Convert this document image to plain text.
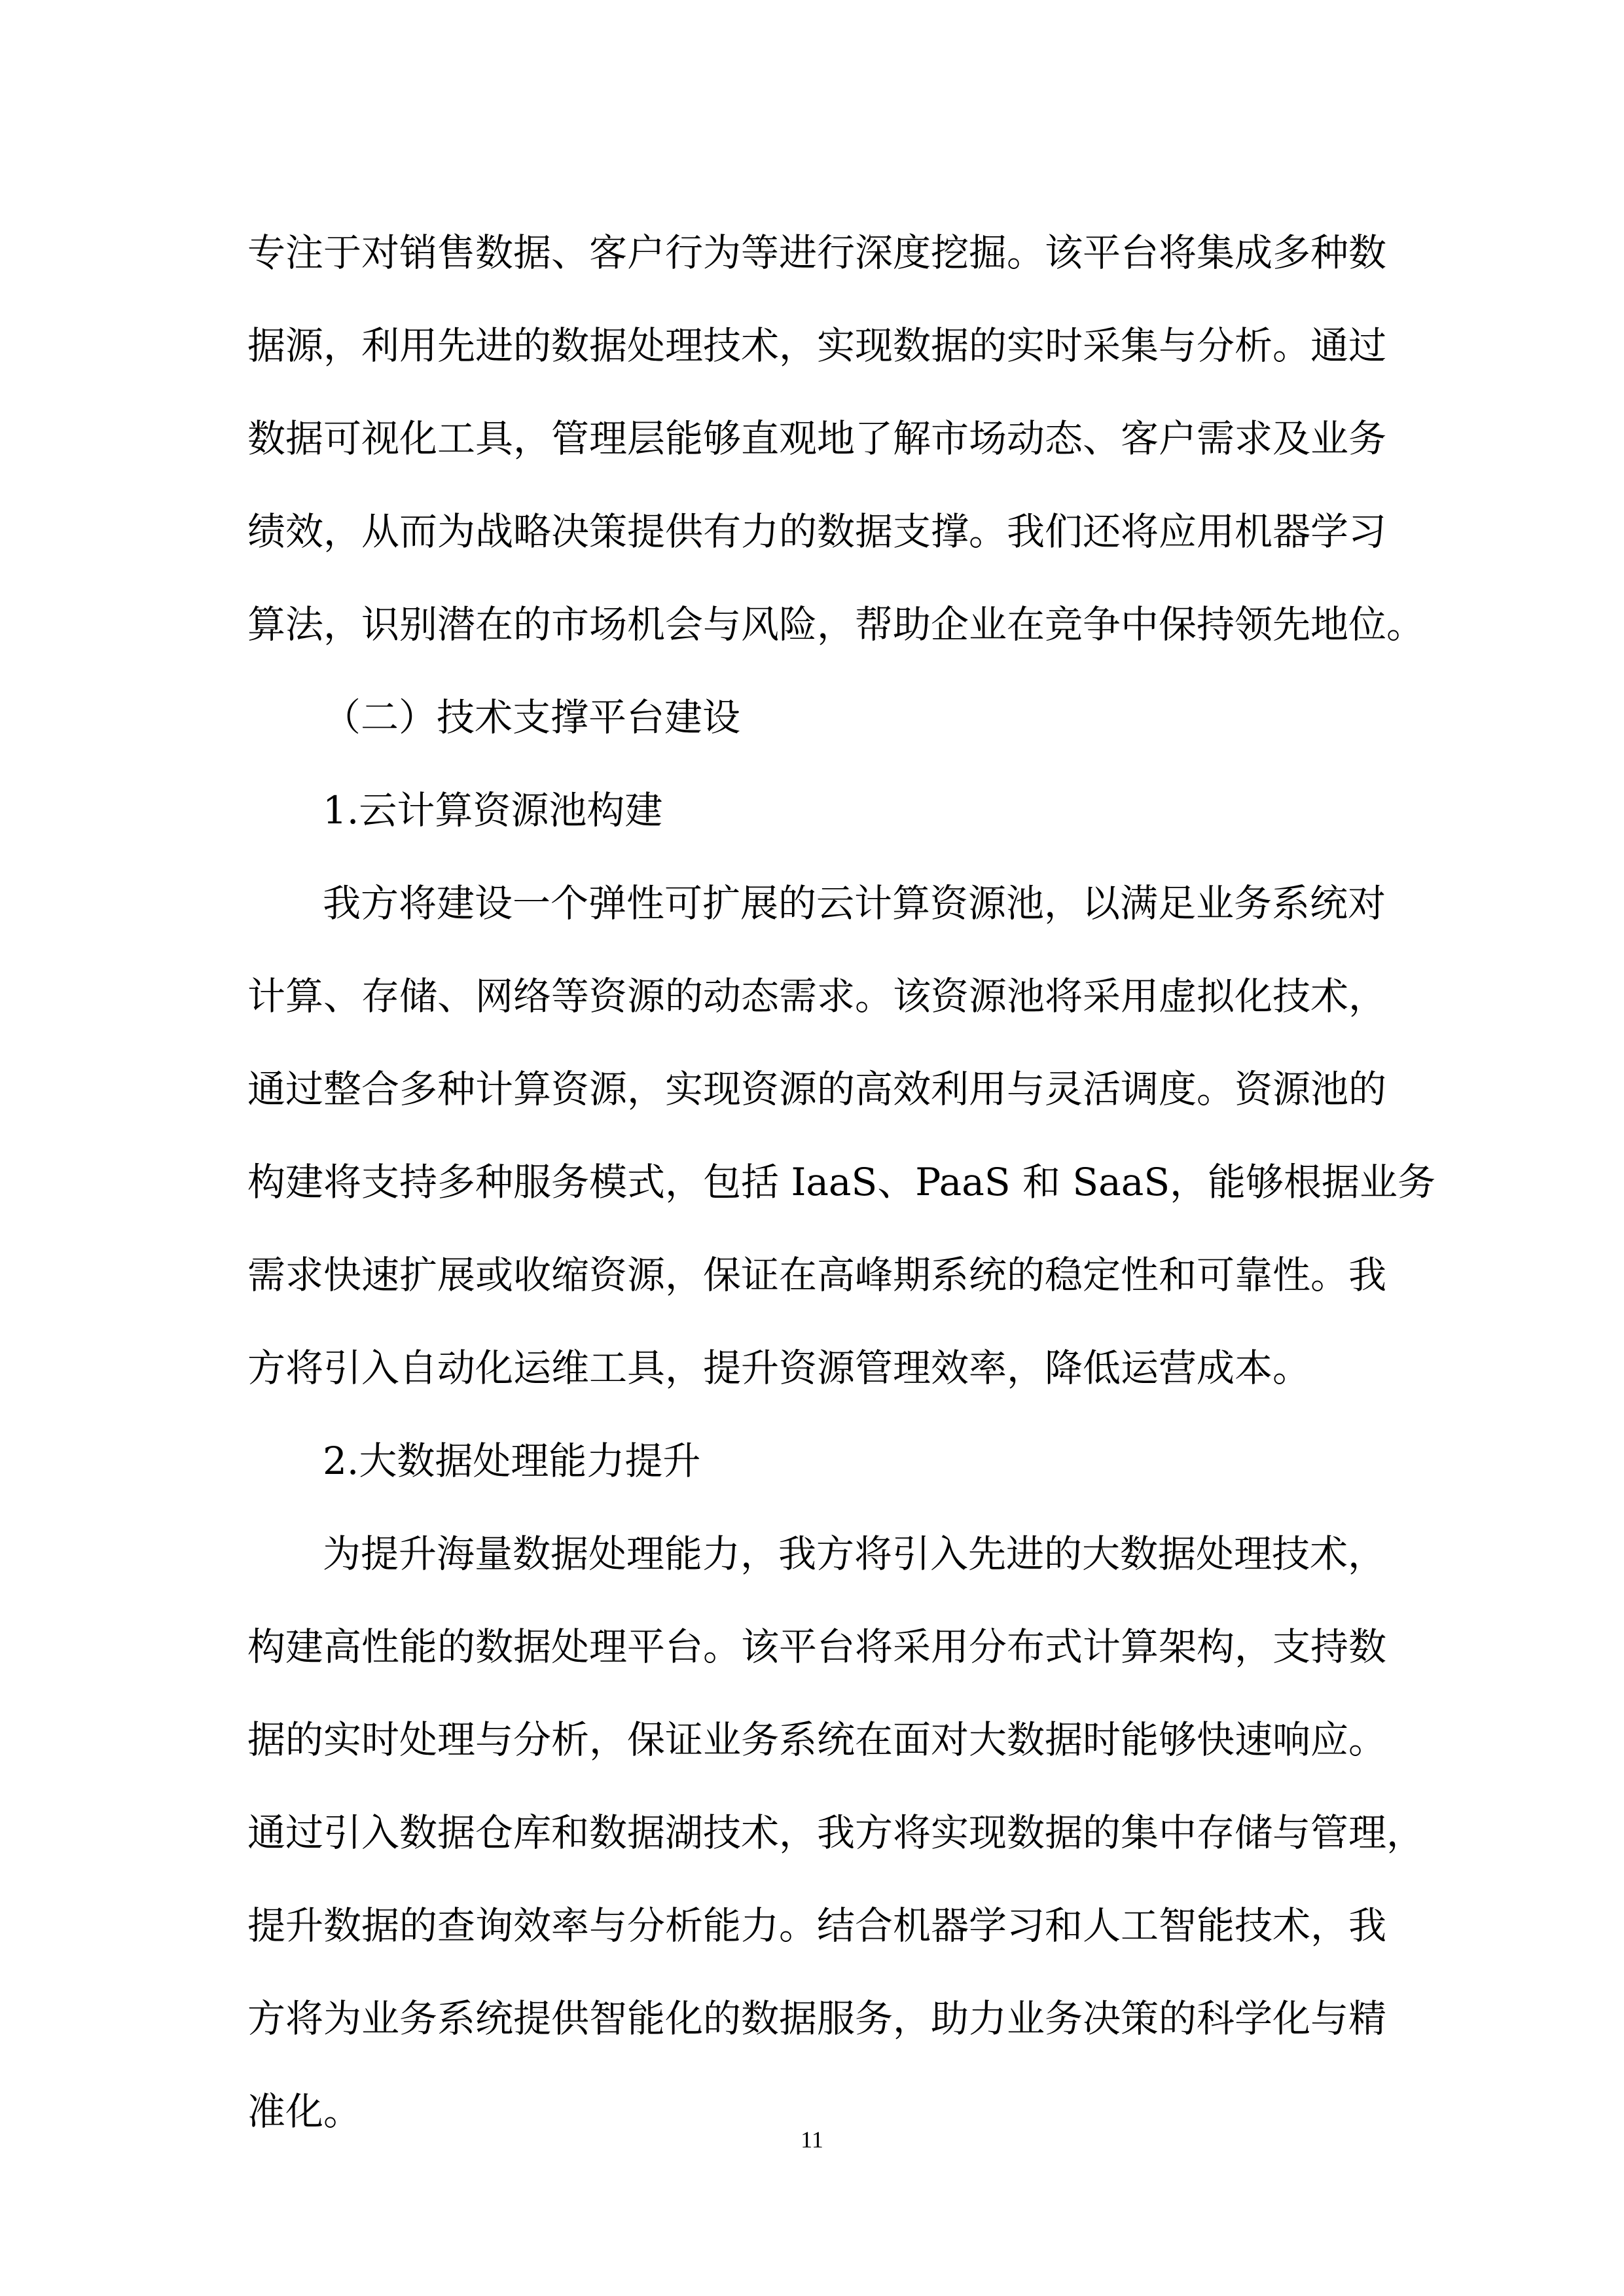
专注于对销售数据、客户行为等进行深度挖掘。该平台将集成多种数
据源，利用先进的数据处理技术，实现数据的实时采集与分析。通过
数据可视化工具，管理层能够直观地了解市场动态、客户需求及业务
绩效，从而为战略决策提供有力的数据支撑。我们还将应用机器学习
算法，识别潜在的市场机会与风险，帮助企业在竞争中保持领先地位。
（二）技术支撑平台建设
1.云计算资源池构建
我方将建设一个弹性可扩展的云计算资源池，以满足业务系统对
计算、存储、网络等资源的动态需求。该资源池将采用虚拟化技术，
通过整合多种计算资源，实现资源的高效利用与灵活调度。资源池的
构建将支持多种服务模式，包括 IaaS、PaaS 和 SaaS，能够根据业务
需求快速扩展或收缩资源，保证在高峰期系统的稳定性和可靠性。我
方将引入自动化运维工具，提升资源管理效率，降低运营成本。
2.大数据处理能力提升
为提升海量数据处理能力，我方将引入先进的大数据处理技术，
构建高性能的数据处理平台。该平台将采用分布式计算架构，支持数
据的实时处理与分析，保证业务系统在面对大数据时能够快速响应。
通过引入数据仓库和数据湖技术，我方将实现数据的集中存储与管理，
提升数据的查询效率与分析能力。结合机器学习和人工智能技术，我
方将为业务系统提供智能化的数据服务，助力业务决策的科学化与精
准化。
11
